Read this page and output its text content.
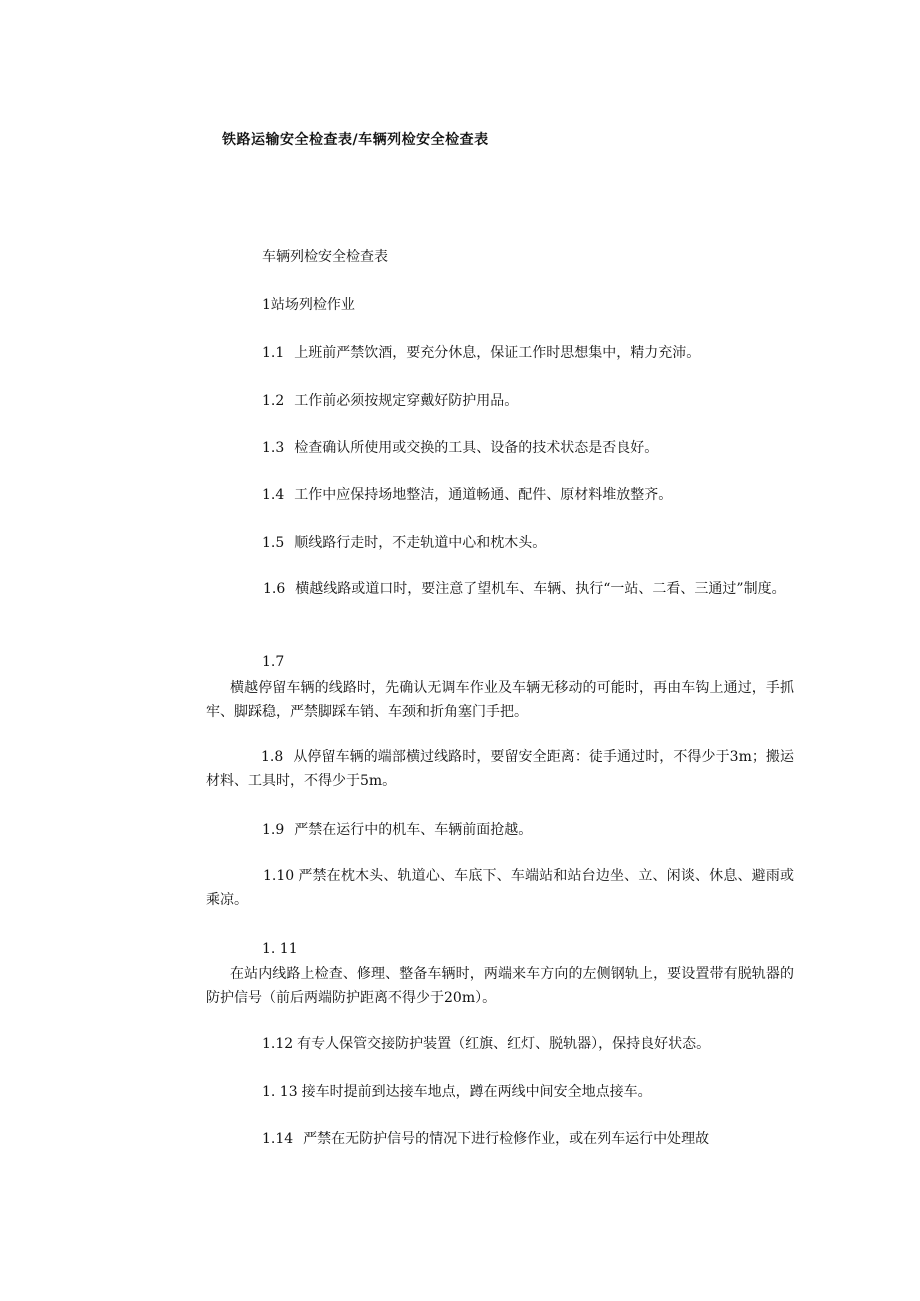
铁路运输安全检查表/车辆列检安全检查表
车辆列检安全检查表
1站场列检作业
1.1 上班前严禁饮酒，要充分休息，保证工作时思想集中，精力充沛。
1.2 工作前必须按规定穿戴好防护用品。
1.3 检查确认所使用或交换的工具、设备的技术状态是否良好。
1.4 工作中应保持场地整洁，通道畅通、配件、原材料堆放整齐。
1.5 顺线路行走时，不走轨道中心和枕木头。
1.6 横越线路或道口时，要注意了望机车、车辆、执行“一站、二看、三通过”制度。
1.7
横越停留车辆的线路时，先确认无调车作业及车辆无移动的可能时，再由车钩上通过，手抓牢、脚踩稳，严禁脚踩车销、车颈和折角塞门手把。
1.8 从停留车辆的端部横过线路时，要留安全距离：徒手通过时，不得少于3m；搬运材料、工具时，不得少于5m。
1.9 严禁在运行中的机车、车辆前面抢越。
1.10 严禁在枕木头、轨道心、车底下、车端站和站台边坐、立、闲谈、休息、避雨或乘凉。
1. 11
在站内线路上检查、修理、整备车辆时，两端来车方向的左侧钢轨上，要设置带有脱轨器的防护信号（前后两端防护距离不得少于20m）。
1.12 有专人保管交接防护装置（红旗、红灯、脱轨器），保持良好状态。
1. 13 接车时提前到达接车地点，蹲在两线中间安全地点接车。
1.14 严禁在无防护信号的情况下进行检修作业，或在列车运行中处理故
